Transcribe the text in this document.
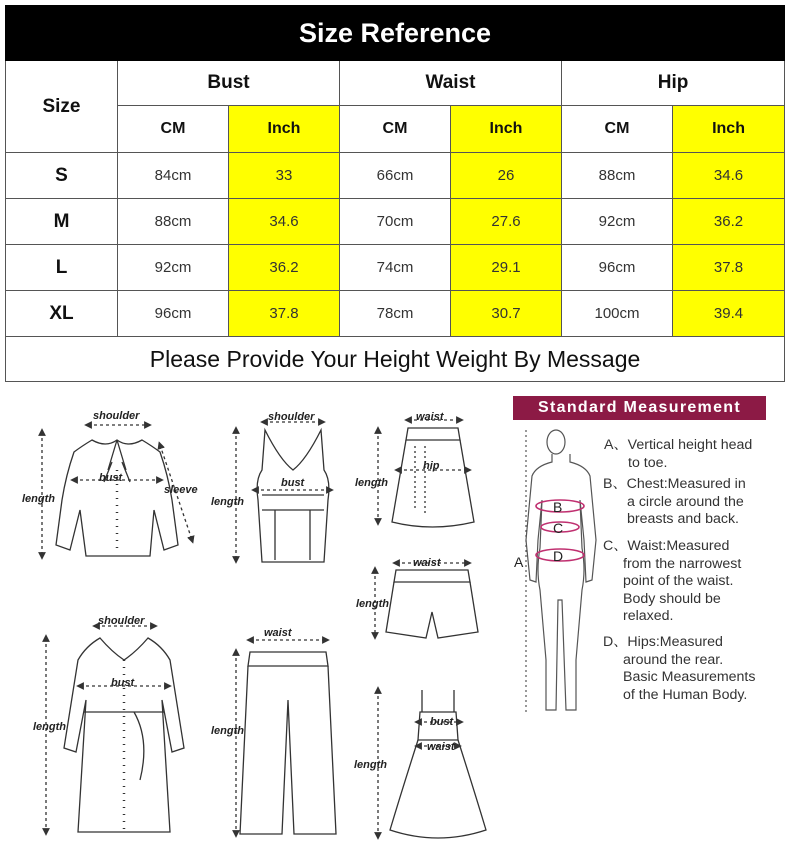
Size Reference						
Size	Bust		Waist		Hip	
	CM	Inch	CM	Inch	CM	Inch
S	84cm	33	66cm	26	88cm	34.6
M	88cm	34.6	70cm	27.6	92cm	36.2
L	92cm	36.2	74cm	29.1	96cm	37.8
XL	96cm	37.8	78cm	30.7	100cm	39.4
Please Provide Your Height Weight By Message						
shoulder
bust
length
sleeve
shoulder
bust
length
waist
hip
length
waist
length
shoulder
bust
length
waist
length
bust
waist
length
B
C
D
A
Standard Measurement
A、Vertical height head
to toe.
B、Chest:Measured in
a circle around the
breasts and back.
C、Waist:Measured
from the narrowest
point of the waist.
Body should be
relaxed.
D、Hips:Measured
around the rear.
Basic Measurements
of the Human Body.
